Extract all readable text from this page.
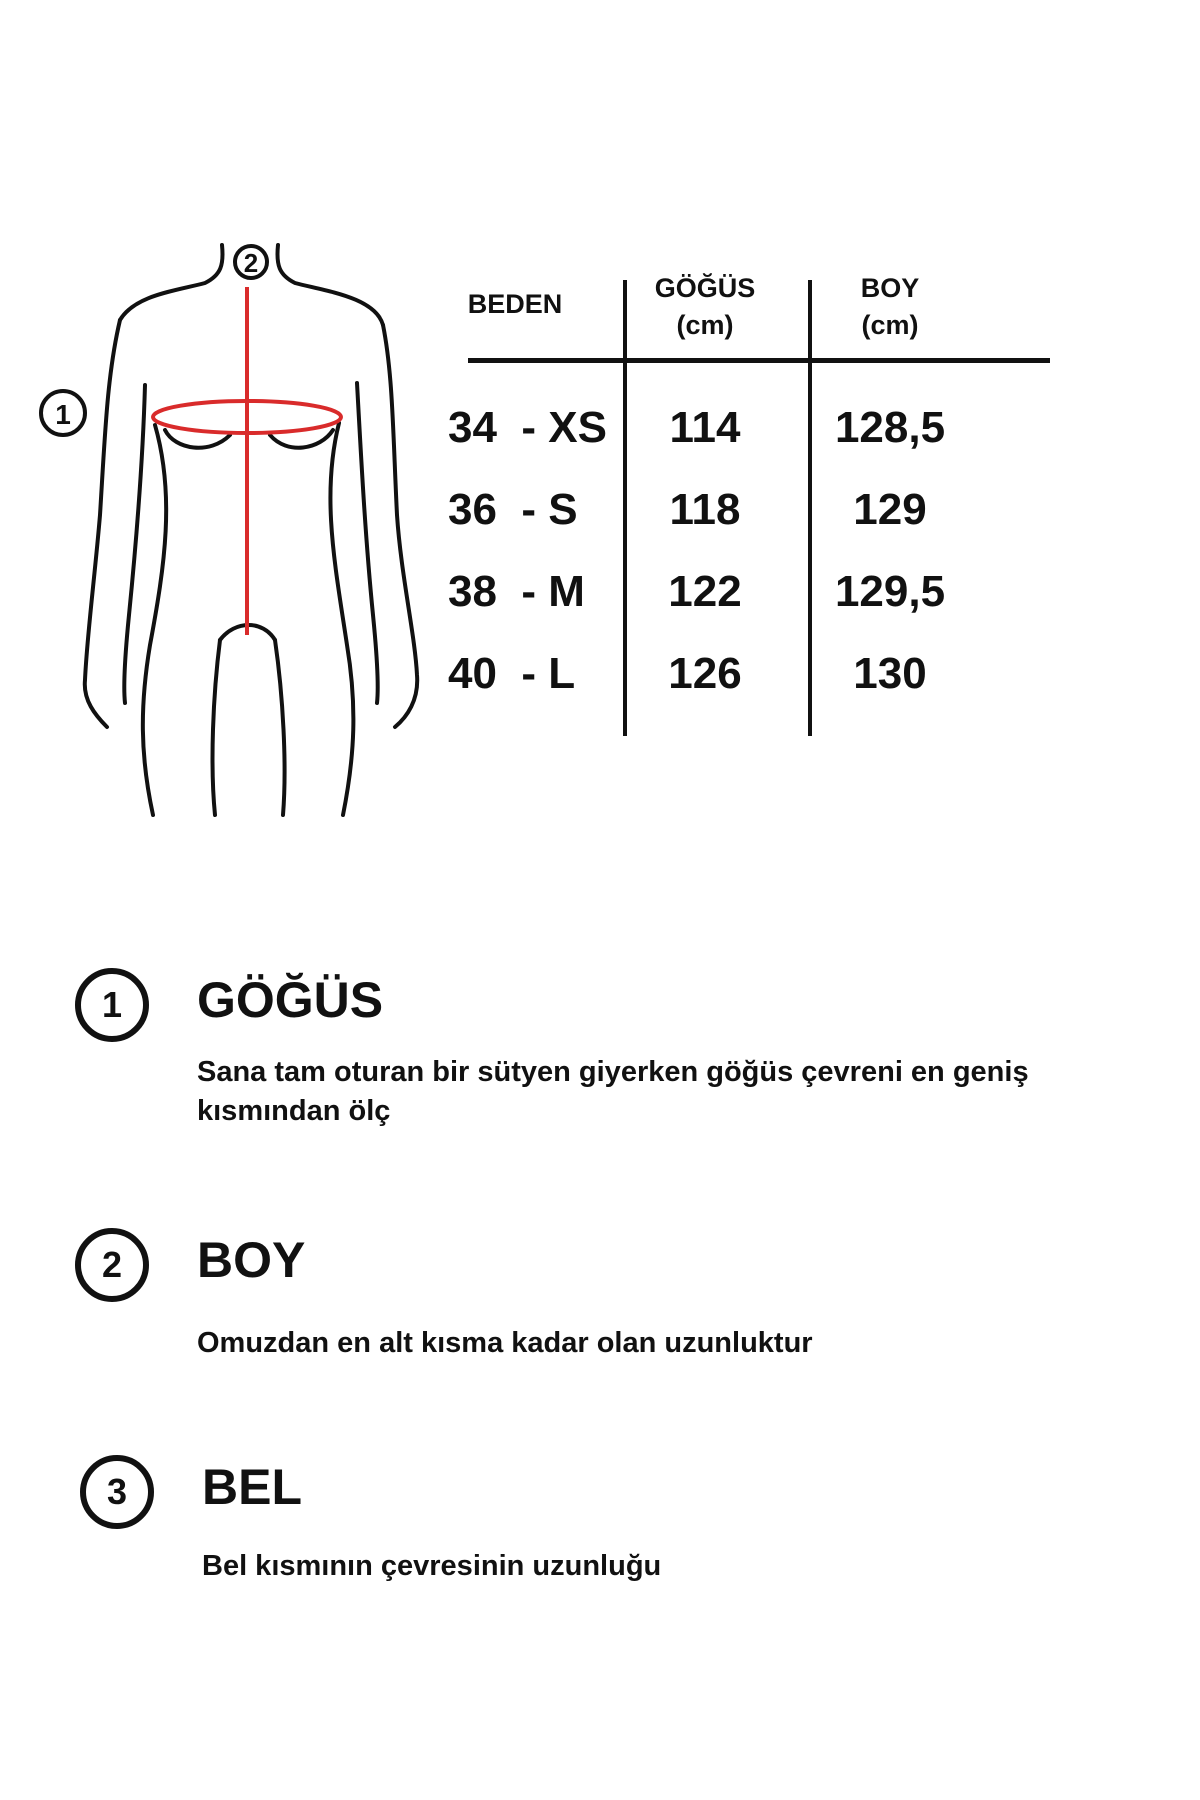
2
1
BEDEN
GÖĞÜS
(cm)
BOY
(cm)
34  - XS	114	128,5
36  - S	118	129
38  - M	122	129,5
40  - L	126	130
1	GÖĞÜS
Sana tam oturan bir sütyen giyerken göğüs çevreni en geniş kısmından ölç
2	BOY
Omuzdan en alt kısma kadar olan uzunluktur
3	BEL
Bel kısmının çevresinin uzunluğu
